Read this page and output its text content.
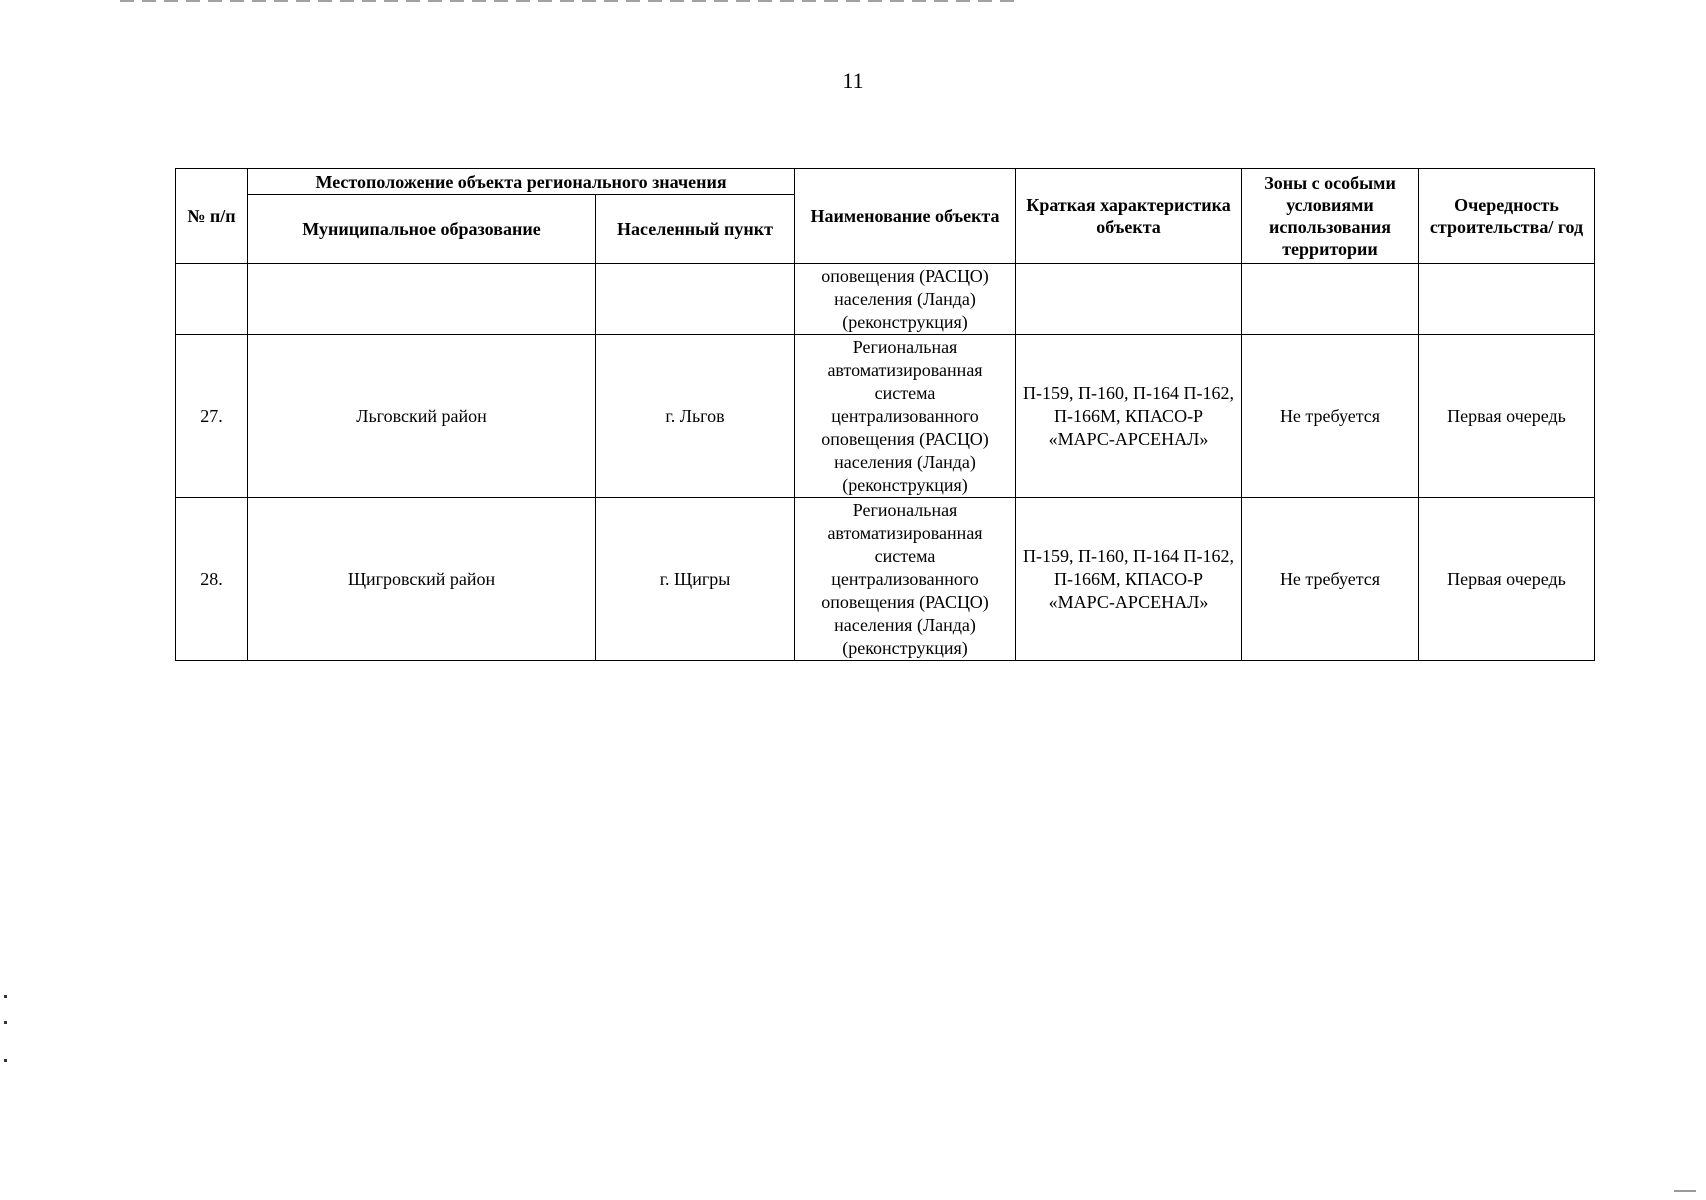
11
№ п/п	Местоположение объекта регионального значения		Наименование объекта	Краткая характеристика объекта	Зоны с особыми условиями использования территории	Очередность строительства/ год
	Муниципальное образование	Населенный пункт				
			оповещения (РАСЦО) населения (Ланда) (реконструкция)			
27.	Льговский район	г. Льгов	Региональная автоматизированная система централизованного оповещения (РАСЦО) населения (Ланда) (реконструкция)	П-159, П-160, П-164 П-162, П-166М, КПАСО-Р «МАРС-АРСЕНАЛ»	Не требуется	Первая очередь
28.	Щигровский район	г. Щигры	Региональная автоматизированная система централизованного оповещения (РАСЦО) населения (Ланда) (реконструкция)	П-159, П-160, П-164 П-162, П-166М, КПАСО-Р «МАРС-АРСЕНАЛ»	Не требуется	Первая очередь
